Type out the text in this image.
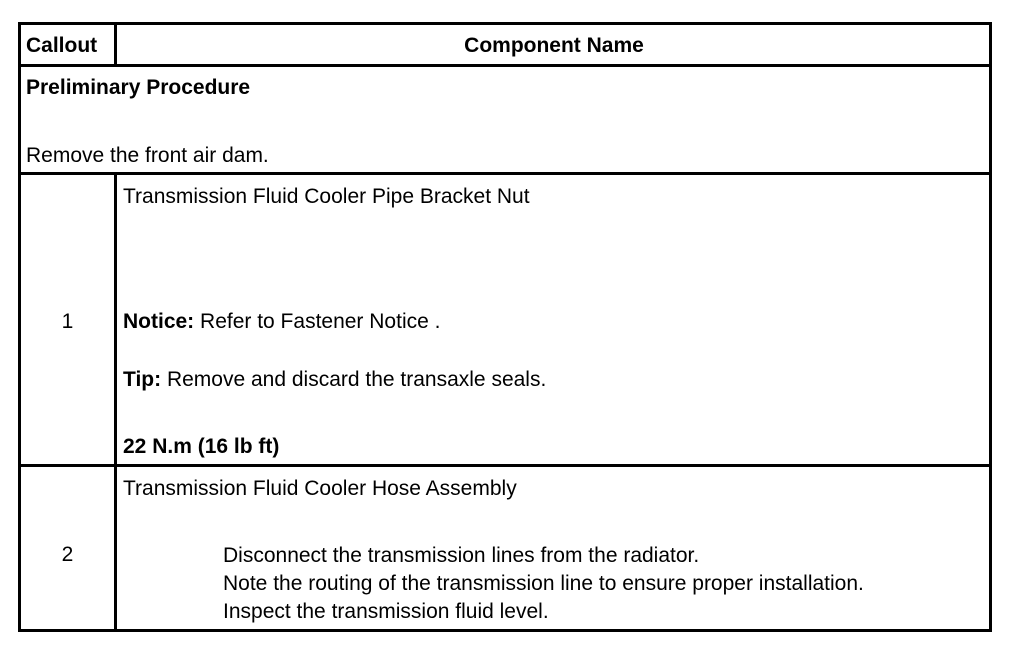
Callout	Component Name
Preliminary Procedure
Remove the front air dam.
1
Transmission Fluid Cooler Pipe Bracket Nut
Notice: Refer to Fastener Notice .
Tip: Remove and discard the transaxle seals.
22 N.m (16 lb ft)
2
Transmission Fluid Cooler Hose Assembly
Disconnect the transmission lines from the radiator.
Note the routing of the transmission line to ensure proper installation.
Inspect the transmission fluid level.
